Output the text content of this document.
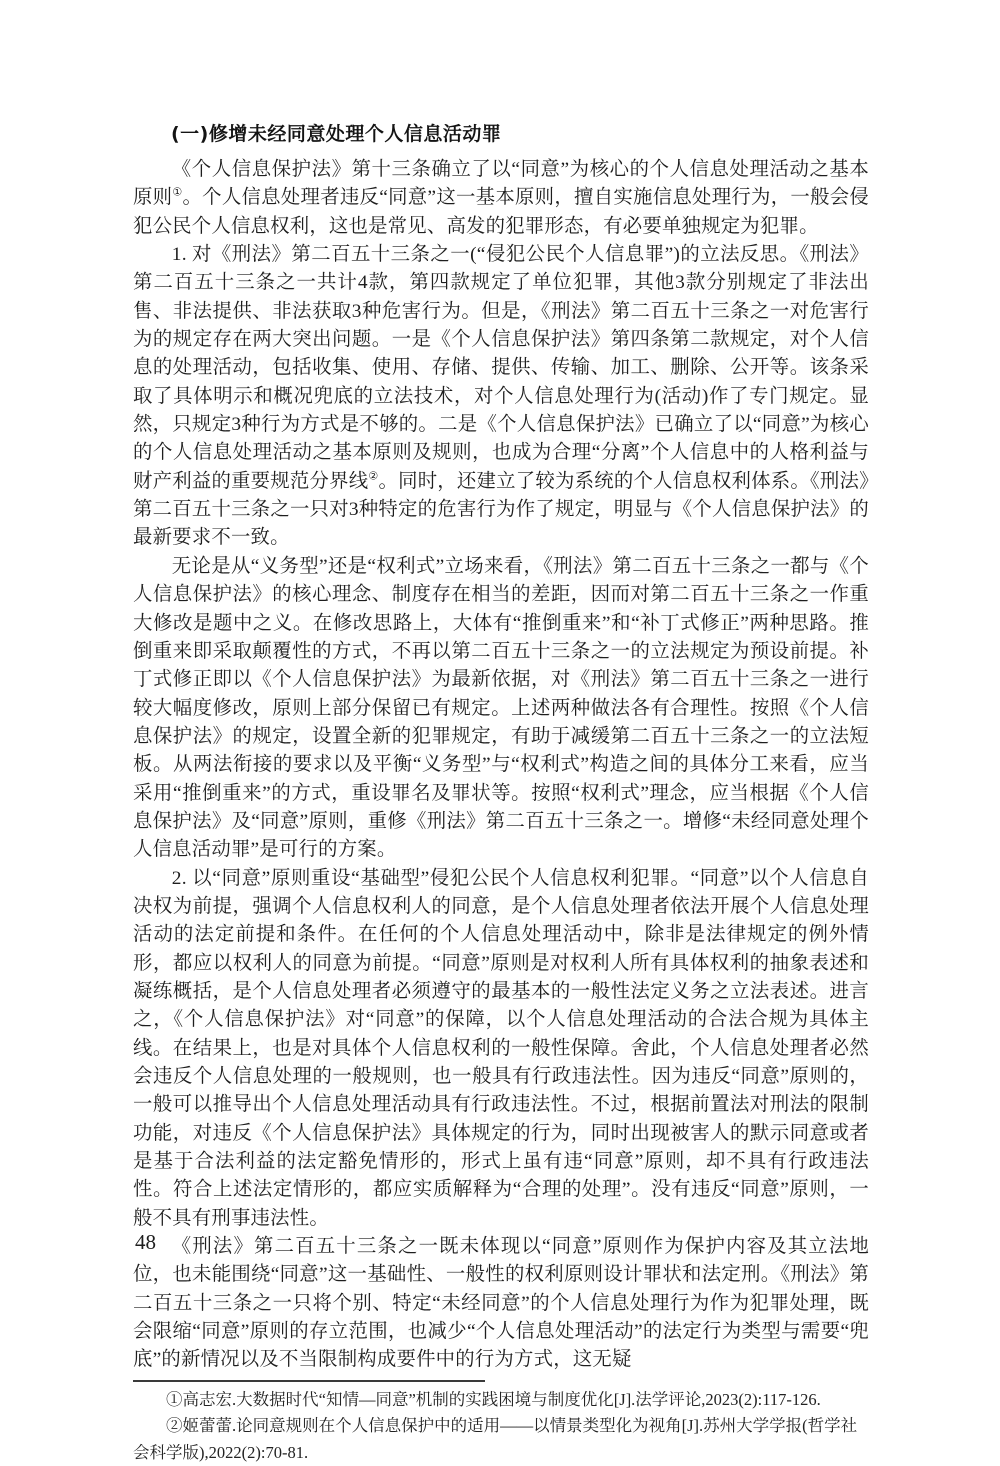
(一)修增未经同意处理个人信息活动罪

《个人信息保护法》第十三条确立了以“同意”为核心的个人信息处理活动之基本原则①。个人信息处理者违反“同意”这一基本原则，擅自实施信息处理行为，一般会侵犯公民个人信息权利，这也是常见、高发的犯罪形态，有必要单独规定为犯罪。

1. 对《刑法》第二百五十三条之一(“侵犯公民个人信息罪”)的立法反思。《刑法》第二百五十三条之一共计4款，第四款规定了单位犯罪，其他3款分别规定了非法出售、非法提供、非法获取3种危害行为。但是，《刑法》第二百五十三条之一对危害行为的规定存在两大突出问题。一是《个人信息保护法》第四条第二款规定，对个人信息的处理活动，包括收集、使用、存储、提供、传输、加工、删除、公开等。该条采取了具体明示和概况兜底的立法技术，对个人信息处理行为(活动)作了专门规定。显然，只规定3种行为方式是不够的。二是《个人信息保护法》已确立了以“同意”为核心的个人信息处理活动之基本原则及规则，也成为合理“分离”个人信息中的人格利益与财产利益的重要规范分界线②。同时，还建立了较为系统的个人信息权利体系。《刑法》第二百五十三条之一只对3种特定的危害行为作了规定，明显与《个人信息保护法》的最新要求不一致。

无论是从“义务型”还是“权利式”立场来看，《刑法》第二百五十三条之一都与《个人信息保护法》的核心理念、制度存在相当的差距，因而对第二百五十三条之一作重大修改是题中之义。在修改思路上，大体有“推倒重来”和“补丁式修正”两种思路。推倒重来即采取颠覆性的方式，不再以第二百五十三条之一的立法规定为预设前提。补丁式修正即以《个人信息保护法》为最新依据，对《刑法》第二百五十三条之一进行较大幅度修改，原则上部分保留已有规定。上述两种做法各有合理性。按照《个人信息保护法》的规定，设置全新的犯罪规定，有助于减缓第二百五十三条之一的立法短板。从两法衔接的要求以及平衡“义务型”与“权利式”构造之间的具体分工来看，应当采用“推倒重来”的方式，重设罪名及罪状等。按照“权利式”理念，应当根据《个人信息保护法》及“同意”原则，重修《刑法》第二百五十三条之一。增修“未经同意处理个人信息活动罪”是可行的方案。

2. 以“同意”原则重设“基础型”侵犯公民个人信息权利犯罪。“同意”以个人信息自决权为前提，强调个人信息权利人的同意，是个人信息处理者依法开展个人信息处理活动的法定前提和条件。在任何的个人信息处理活动中，除非是法律规定的例外情形，都应以权利人的同意为前提。“同意”原则是对权利人所有具体权利的抽象表述和凝练概括，是个人信息处理者必须遵守的最基本的一般性法定义务之立法表述。进言之，《个人信息保护法》对“同意”的保障，以个人信息处理活动的合法合规为具体主线。在结果上，也是对具体个人信息权利的一般性保障。舍此，个人信息处理者必然会违反个人信息处理的一般规则，也一般具有行政违法性。因为违反“同意”原则的，一般可以推导出个人信息处理活动具有行政违法性。不过，根据前置法对刑法的限制功能，对违反《个人信息保护法》具体规定的行为，同时出现被害人的默示同意或者是基于合法利益的法定豁免情形的，形式上虽有违“同意”原则，却不具有行政违法性。符合上述法定情形的，都应实质解释为“合理的处理”。没有违反“同意”原则，一般不具有刑事违法性。

《刑法》第二百五十三条之一既未体现以“同意”原则作为保护内容及其立法地位，也未能围绕“同意”这一基础性、一般性的权利原则设计罪状和法定刑。《刑法》第二百五十三条之一只将个别、特定“未经同意”的个人信息处理行为作为犯罪处理，既会限缩“同意”原则的存立范围，也减少“个人信息处理活动”的法定行为类型与需要“兜底”的新情况以及不当限制构成要件中的行为方式，这无疑

①高志宏.大数据时代“知情—同意”机制的实践困境与制度优化[J].法学评论,2023(2):117-126.

②姬蕾蕾.论同意规则在个人信息保护中的适用——以情景类型化为视角[J].苏州大学学报(哲学社会科学版),2022(2):70-81.

48
